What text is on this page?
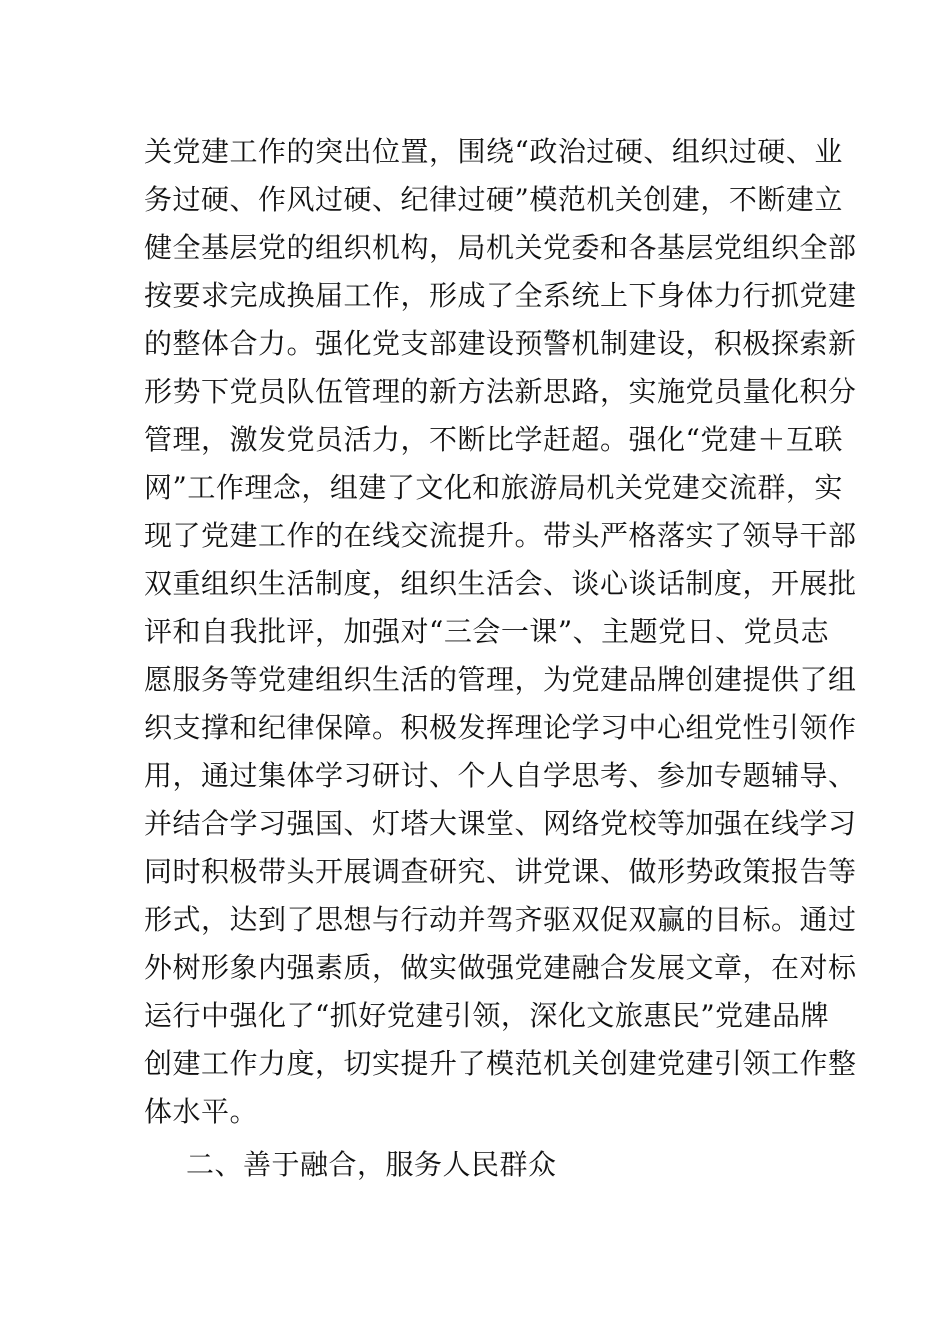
关党建工作的突出位置，围绕“政治过硬、组织过硬、业
务过硬、作风过硬、纪律过硬”模范机关创建，不断建立
健全基层党的组织机构，局机关党委和各基层党组织全部
按要求完成换届工作，形成了全系统上下身体力行抓党建
的整体合力。强化党支部建设预警机制建设，积极探索新
形势下党员队伍管理的新方法新思路，实施党员量化积分
管理，激发党员活力，不断比学赶超。强化“党建＋互联
网”工作理念，组建了文化和旅游局机关党建交流群，实
现了党建工作的在线交流提升。带头严格落实了领导干部
双重组织生活制度，组织生活会、谈心谈话制度，开展批
评和自我批评，加强对“三会一课”、主题党日、党员志
愿服务等党建组织生活的管理，为党建品牌创建提供了组
织支撑和纪律保障。积极发挥理论学习中心组党性引领作
用，通过集体学习研讨、个人自学思考、参加专题辅导、
并结合学习强国、灯塔大课堂、网络党校等加强在线学习
同时积极带头开展调查研究、讲党课、做形势政策报告等
形式，达到了思想与行动并驾齐驱双促双赢的目标。通过
外树形象内强素质，做实做强党建融合发展文章，在对标
运行中强化了“抓好党建引领，深化文旅惠民”党建品牌
创建工作力度，切实提升了模范机关创建党建引领工作整
体水平。
二、善于融合，服务人民群众
